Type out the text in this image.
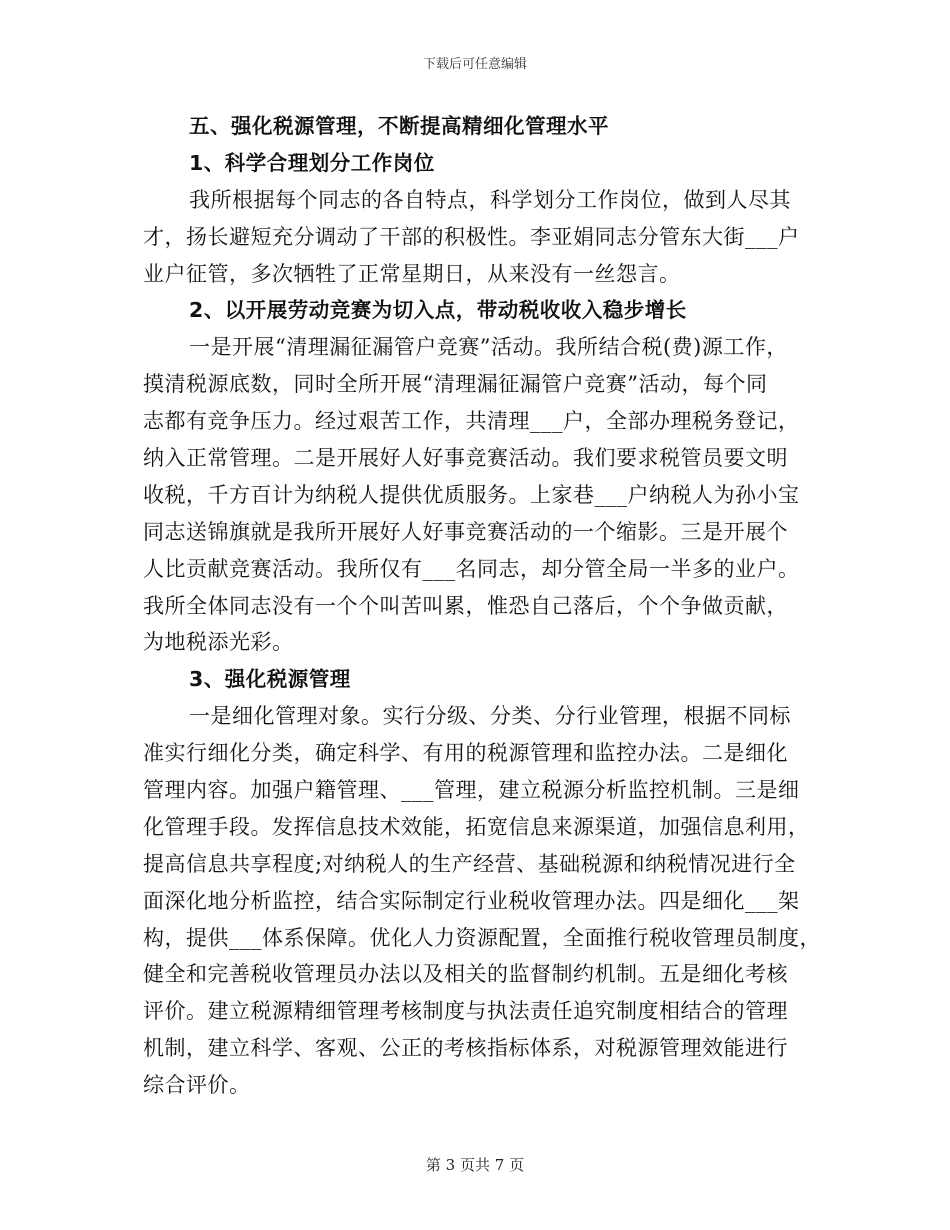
下载后可任意编辑
五、强化税源管理，不断提高精细化管理水平
1、科学合理划分工作岗位
我所根据每个同志的各自特点，科学划分工作岗位，做到人尽其
才，扬长避短充分调动了干部的积极性。李亚娟同志分管东大街___户
业户征管，多次牺牲了正常星期日，从来没有一丝怨言。
2、以开展劳动竞赛为切入点，带动税收收入稳步增长
一是开展“清理漏征漏管户竞赛”活动。我所结合税(费)源工作，
摸清税源底数，同时全所开展“清理漏征漏管户竞赛”活动，每个同
志都有竞争压力。经过艰苦工作，共清理___户，全部办理税务登记，
纳入正常管理。二是开展好人好事竞赛活动。我们要求税管员要文明
收税，千方百计为纳税人提供优质服务。上家巷___户纳税人为孙小宝
同志送锦旗就是我所开展好人好事竞赛活动的一个缩影。三是开展个
人比贡献竞赛活动。我所仅有___名同志，却分管全局一半多的业户。
我所全体同志没有一个个叫苦叫累，惟恐自己落后，个个争做贡献，
为地税添光彩。
3、强化税源管理
一是细化管理对象。实行分级、分类、分行业管理，根据不同标
准实行细化分类，确定科学、有用的税源管理和监控办法。二是细化
管理内容。加强户籍管理、___管理，建立税源分析监控机制。三是细
化管理手段。发挥信息技术效能，拓宽信息来源渠道，加强信息利用，
提高信息共享程度;对纳税人的生产经营、基础税源和纳税情况进行全
面深化地分析监控，结合实际制定行业税收管理办法。四是细化___架
构，提供___体系保障。优化人力资源配置，全面推行税收管理员制度，
健全和完善税收管理员办法以及相关的监督制约机制。五是细化考核
评价。建立税源精细管理考核制度与执法责任追究制度相结合的管理
机制，建立科学、客观、公正的考核指标体系，对税源管理效能进行
综合评价。
第 3 页共 7 页
